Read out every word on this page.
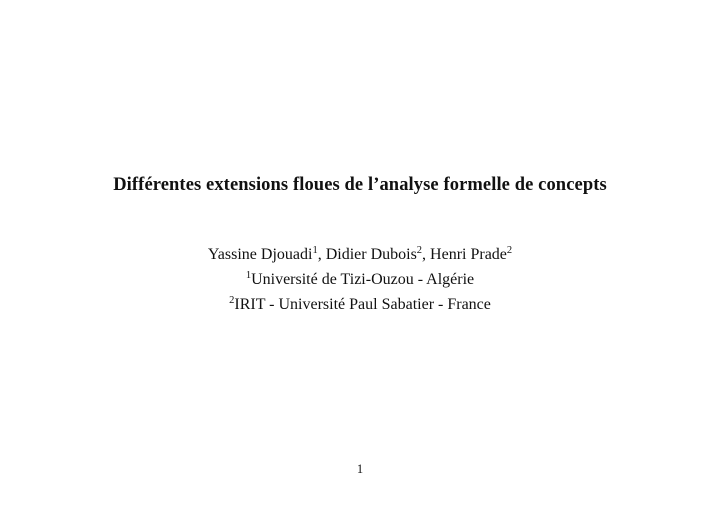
Différentes extensions floues de l’analyse formelle de concepts
Yassine Djouadi$^1$, Didier Dubois$^2$, Henri Prade$^2$
$^1$Université de Tizi-Ouzou - Algérie
$^2$IRIT - Université Paul Sabatier - France
1
